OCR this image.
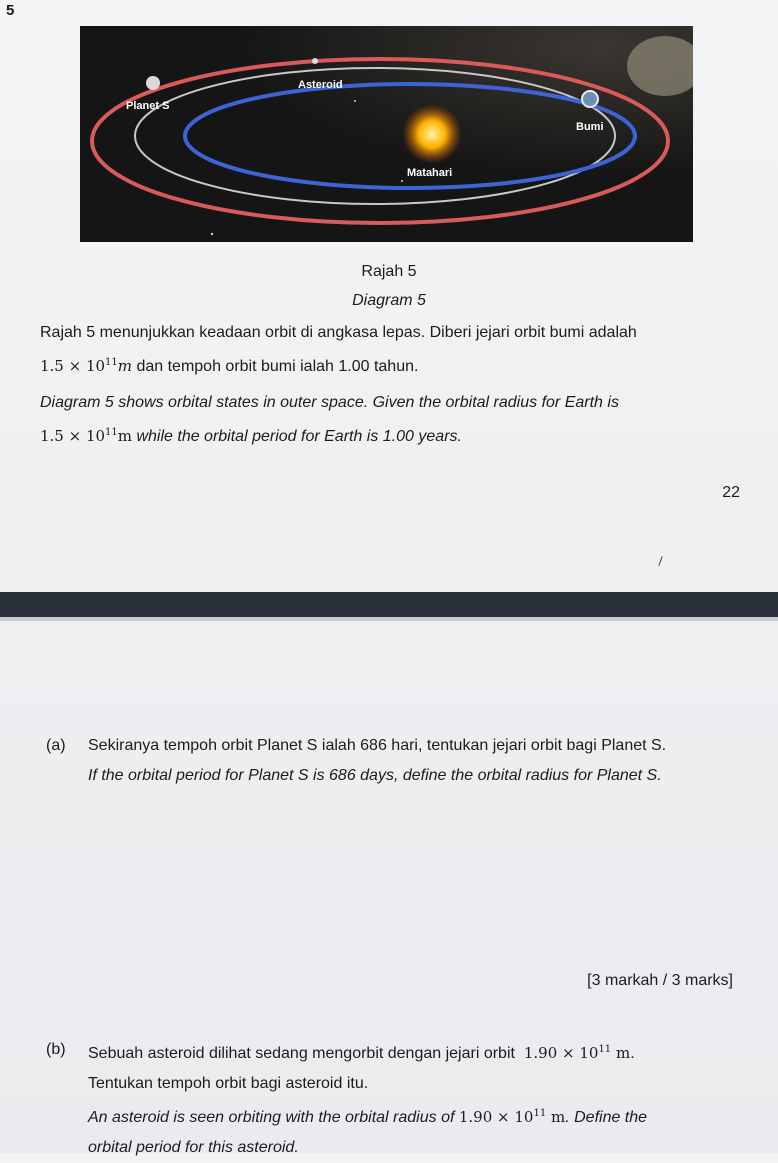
5
Asteroid
Planet S
Bumi
Matahari
Rajah 5
Diagram 5

Rajah 5 menunjukkan keadaan orbit di angkasa lepas. Diberi jejari orbit bumi adalah

$1.5 \times 10^{11}m$ dan tempoh orbit bumi ialah 1.00 tahun.

Diagram 5 shows orbital states in outer space. Given the orbital radius for Earth is

$1.5 \times 10^{11}m$ while the orbital period for Earth is 1.00 years.

22
(a) Sekiranya tempoh orbit Planet S ialah 686 hari, tentukan jejari orbit bagi Planet S.
If the orbital period for Planet S is 686 days, define the orbital radius for Planet S.
[3 markah / 3 marks]
(b) Sebuah asteroid dilihat sedang mengorbit dengan jejari orbit $1.90 \times 10^{11}$ m.
Tentukan tempoh orbit bagi asteroid itu.
An asteroid is seen orbiting with the orbital radius of $1.90 \times 10^{11}$ m. Define the
orbital period for this asteroid.
